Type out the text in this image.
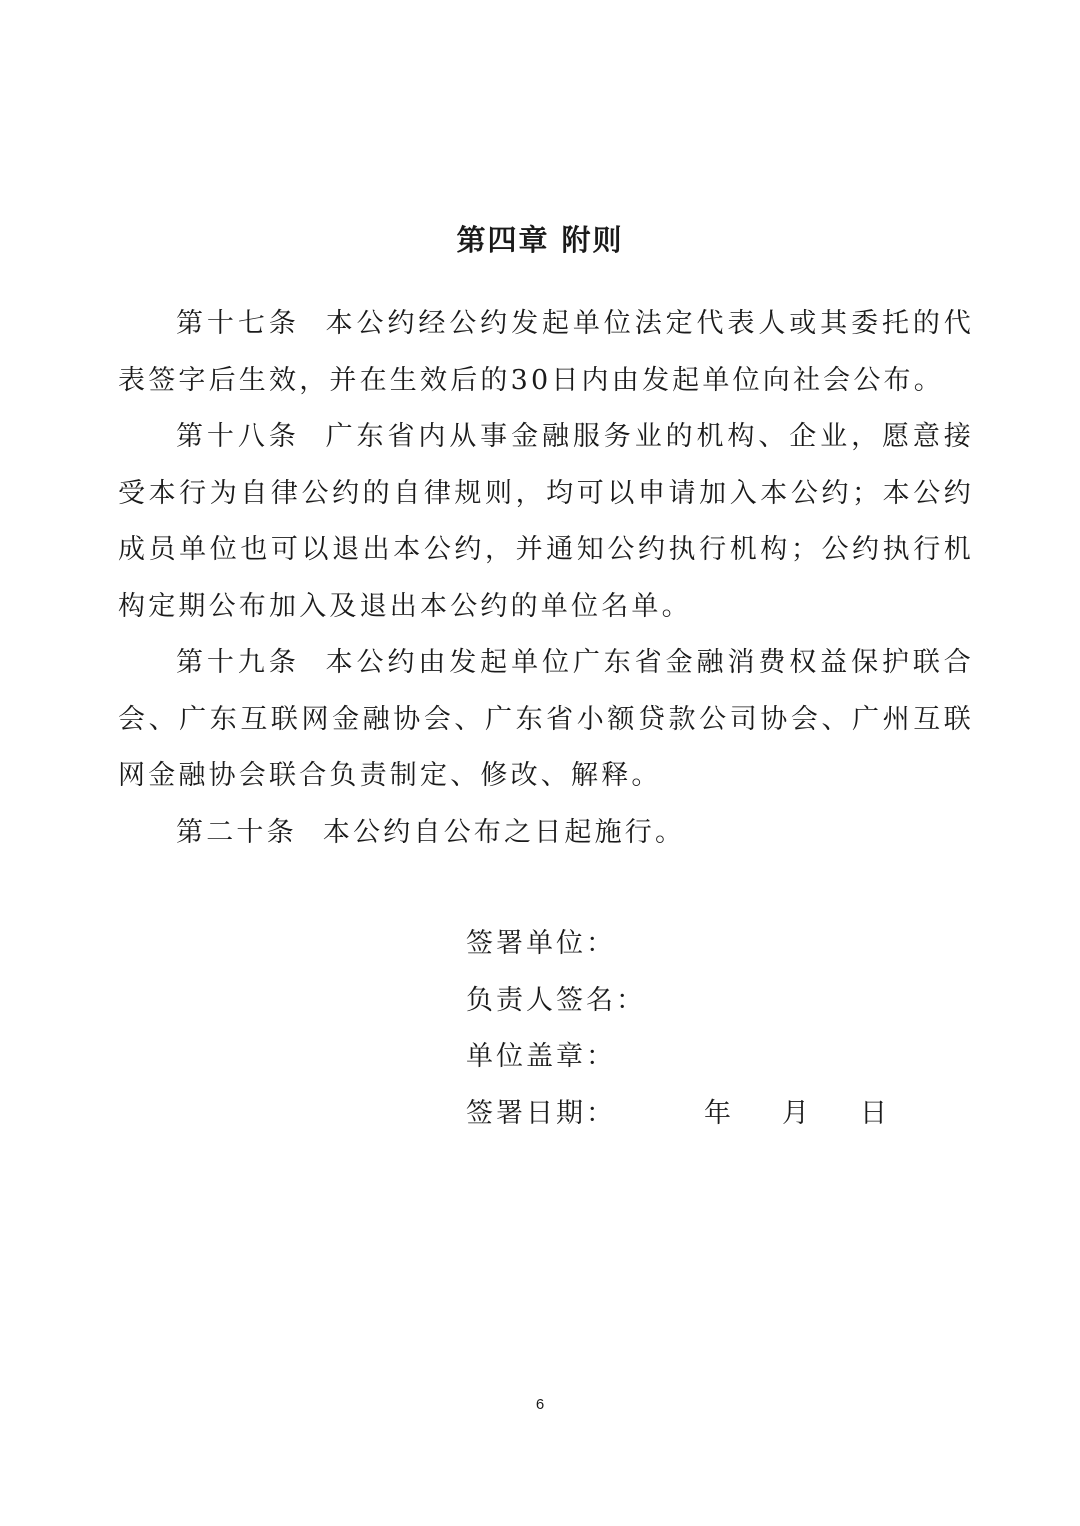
第四章 附则

第十七条 本公约经公约发起单位法定代表人或其委托的代表签字后生效，并在生效后的30日内由发起单位向社会公布。

第十八条 广东省内从事金融服务业的机构、企业，愿意接受本行为自律公约的自律规则，均可以申请加入本公约；本公约成员单位也可以退出本公约，并通知公约执行机构；公约执行机构定期公布加入及退出本公约的单位名单。

第十九条 本公约由发起单位广东省金融消费权益保护联合会、广东互联网金融协会、广东省小额贷款公司协会、广州互联网金融协会联合负责制定、修改、解释。

第二十条 本公约自公布之日起施行。

签署单位：
负责人签名：
单位盖章：
签署日期：	年 月 日
6
